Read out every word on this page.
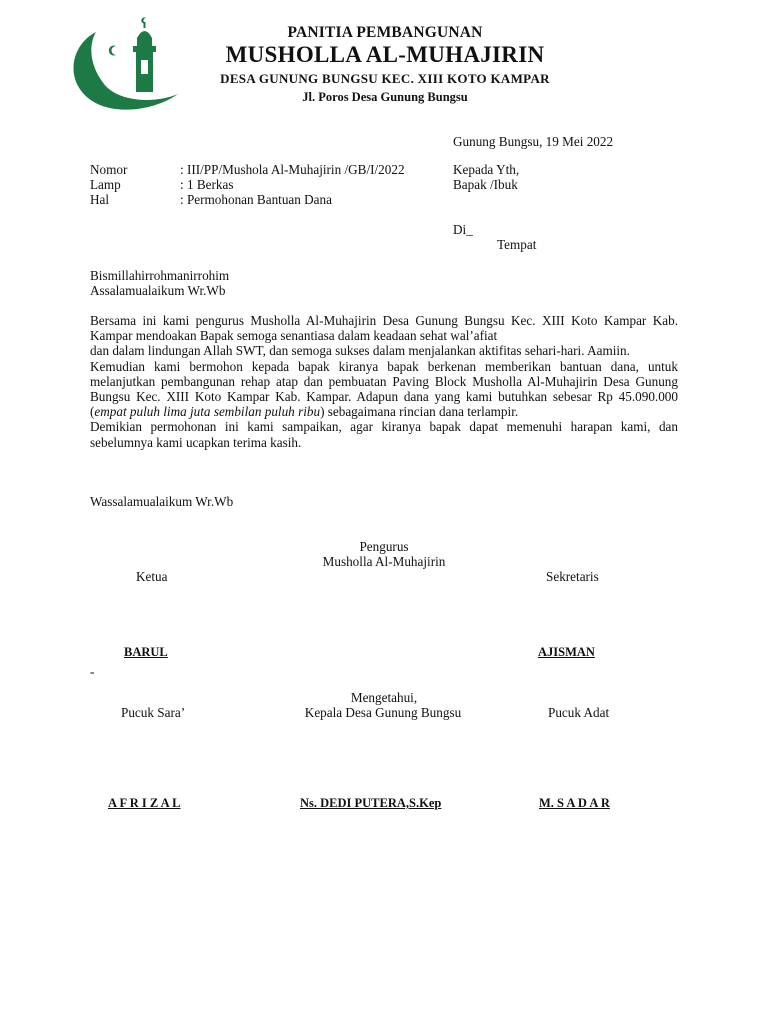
PANITIA PEMBANGUNAN
MUSHOLLA AL-MUHAJIRIN
DESA GUNUNG BUNGSU KEC. XIII KOTO KAMPAR
Jl. Poros Desa Gunung Bungsu
Gunung Bungsu, 19 Mei 2022
Nomor	: III/PP/Mushola Al-Muhajirin /GB/I/2022
Lamp	: 1 Berkas
Hal	: Permohonan Bantuan Dana
Kepada Yth,
Bapak /Ibuk
Di_
Tempat
Bismillahirrohmanirrohim
Assalamualaikum Wr.Wb

Bersama ini kami pengurus Musholla Al-Muhajirin Desa Gunung Bungsu Kec. XIII Koto Kampar Kab. Kampar mendoakan Bapak semoga senantiasa dalam keadaan sehat wal’afiat

dan dalam lindungan Allah SWT, dan semoga sukses dalam menjalankan aktifitas sehari-hari. Aamiin.

Kemudian kami bermohon kepada bapak kiranya bapak berkenan memberikan bantuan dana, untuk melanjutkan pembangunan rehap atap dan pembuatan Paving Block Musholla Al-Muhajirin Desa Gunung Bungsu Kec. XIII Koto Kampar Kab. Kampar. Adapun dana yang kami butuhkan sebesar Rp 45.090.000 (empat puluh lima juta sembilan puluh ribu) sebagaimana rincian dana terlampir.

Demikian permohonan ini kami sampaikan, agar kiranya bapak dapat memenuhi harapan kami, dan sebelumnya kami ucapkan terima kasih.

Wassalamualaikum Wr.Wb
Pengurus
Musholla Al-Muhajirin
Ketua	Sekretaris
BARUL	AJISMAN
-
Mengetahui,
Pucuk Sara’	Kepala Desa Gunung Bungsu	Pucuk Adat
A F R I Z A L	Ns. DEDI PUTERA,S.Kep	M. S A D A R
